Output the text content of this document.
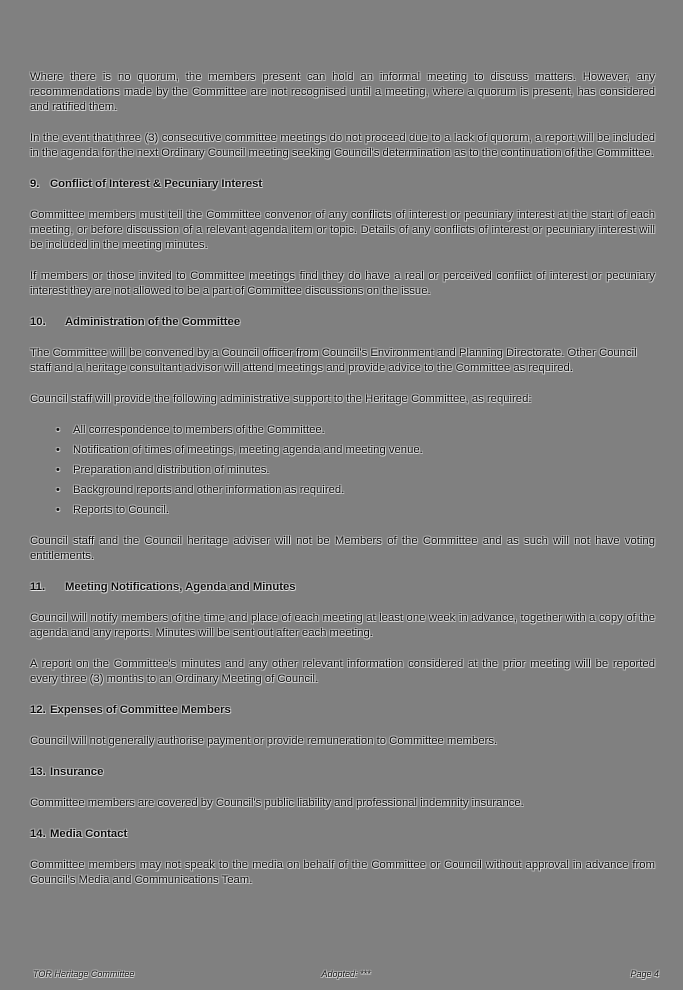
Where there is no quorum, the members present can hold an informal meeting to discuss matters. However, any recommendations made by the Committee are not recognised until a meeting, where a quorum is present, has considered and ratified them.

In the event that three (3) consecutive committee meetings do not proceed due to a lack of quorum, a report will be included in the agenda for the next Ordinary Council meeting seeking Council's determination as to the continuation of the Committee.

9. Conflict of Interest & Pecuniary Interest

Committee members must tell the Committee convenor of any conflicts of interest or pecuniary interest at the start of each meeting, or before discussion of a relevant agenda item or topic. Details of any conflicts of interest or pecuniary interest will be included in the meeting minutes.

If members or those invited to Committee meetings find they do have a real or perceived conflict of interest or pecuniary interest they are not allowed to be a part of Committee discussions on the issue.

10. Administration of the Committee

The Committee will be convened by a Council officer from Council's Environment and Planning Directorate. Other Council staff and a heritage consultant advisor will attend meetings and provide advice to the Committee as required.

Council staff will provide the following administrative support to the Heritage Committee, as required:

• All correspondence to members of the Committee.
• Notification of times of meetings, meeting agenda and meeting venue.
• Preparation and distribution of minutes.
• Background reports and other information as required.
• Reports to Council.

Council staff and the Council heritage adviser will not be Members of the Committee and as such will not have voting entitlements.

11. Meeting Notifications, Agenda and Minutes

Council will notify members of the time and place of each meeting at least one week in advance, together with a copy of the agenda and any reports. Minutes will be sent out after each meeting.

A report on the Committee's minutes and any other relevant information considered at the prior meeting will be reported every three (3) months to an Ordinary Meeting of Council.

12. Expenses of Committee Members

Council will not generally authorise payment or provide remuneration to Committee members.

13. Insurance

Committee members are covered by Council's public liability and professional indemnity insurance.

14. Media Contact

Committee members may not speak to the media on behalf of the Committee or Council without approval in advance from Council's Media and Communications Team.

TOR Heritage Committee	Adopted: ***	Page 4
